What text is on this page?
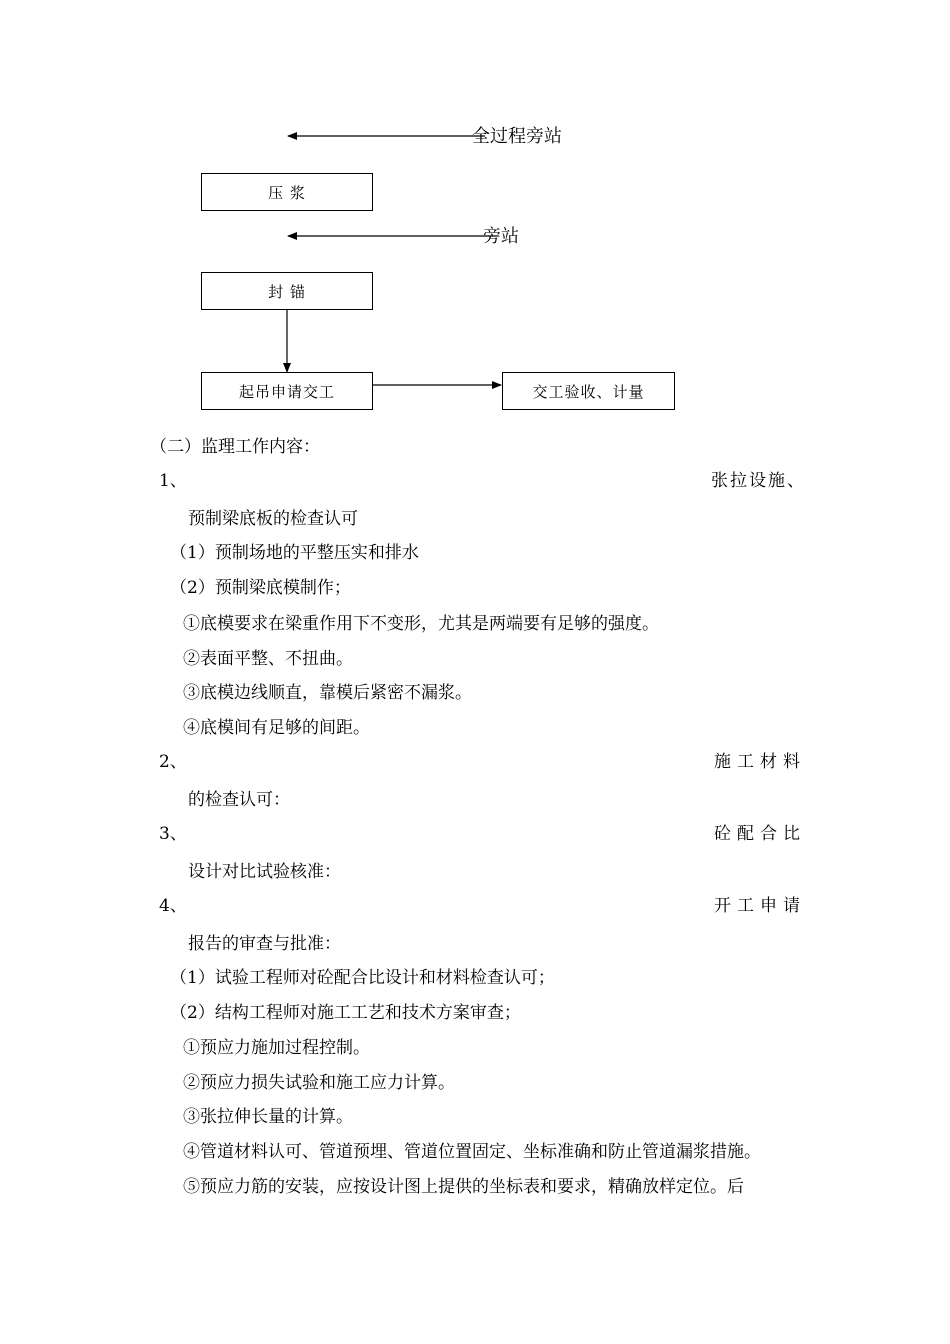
全过程旁站
压 浆
旁站
封 锚
起吊申请交工	交工验收、计量
（二）监理工作内容：
1、	张拉设施、
预制梁底板的检查认可
（1）预制场地的平整压实和排水
（2）预制梁底模制作；
①底模要求在梁重作用下不变形，尤其是两端要有足够的强度。
②表面平整、不扭曲。
③底模边线顺直，靠模后紧密不漏浆。
④底模间有足够的间距。
2、	施工材料
的检查认可：
3、	砼配合比
设计对比试验核准：
4、	开工申请
报告的审查与批准：
（1）试验工程师对砼配合比设计和材料检查认可；
（2）结构工程师对施工工艺和技术方案审查；
①预应力施加过程控制。
②预应力损失试验和施工应力计算。
③张拉伸长量的计算。
④管道材料认可、管道预埋、管道位置固定、坐标准确和防止管道漏浆措施。
⑤预应力筋的安装，应按设计图上提供的坐标表和要求，精确放样定位。后
